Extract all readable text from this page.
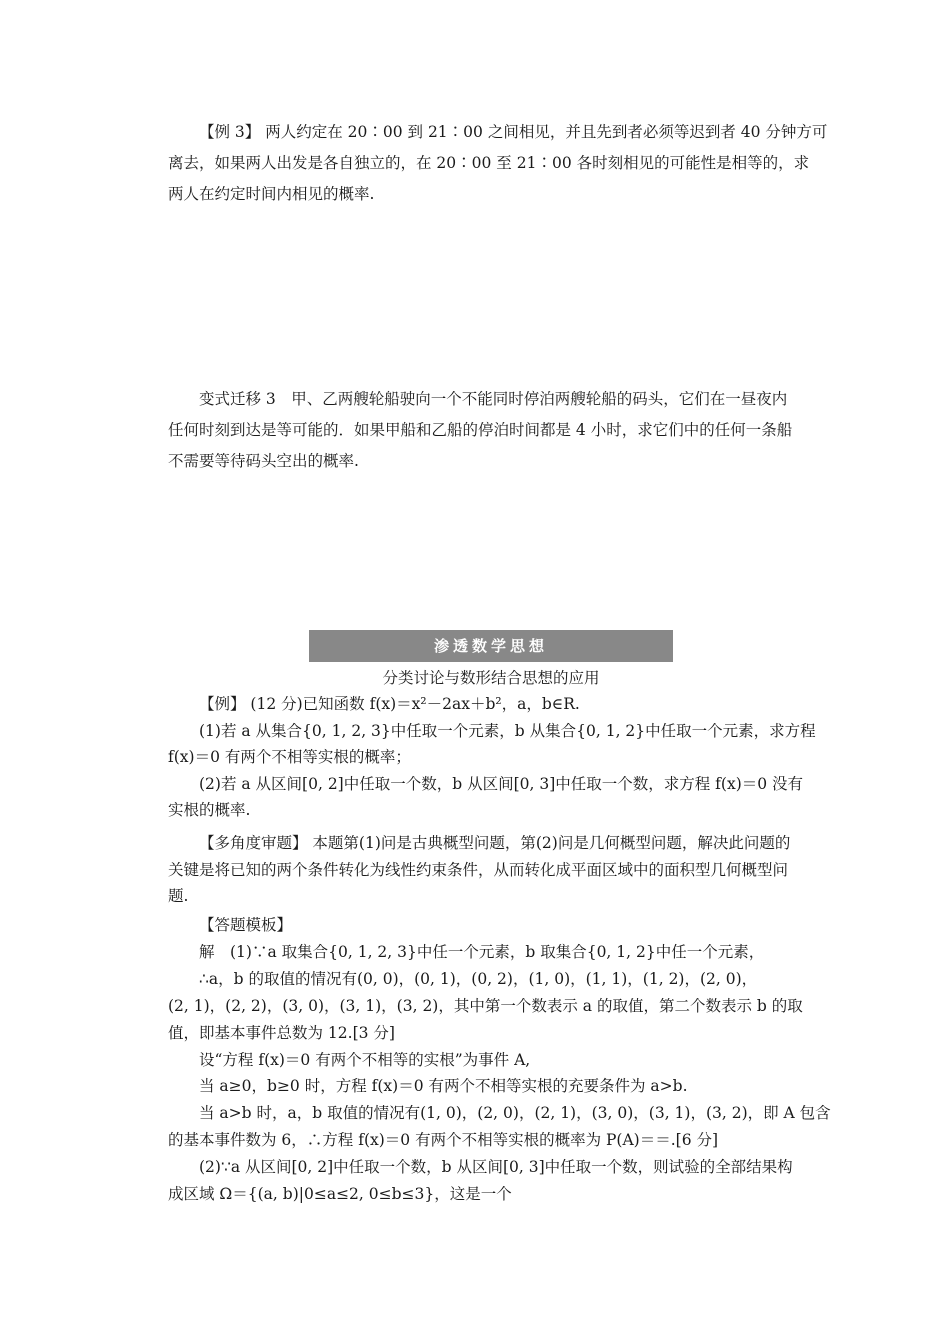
【例 3】 两人约定在 20∶00 到 21∶00 之间相见，并且先到者必须等迟到者 40 分钟方可
离去，如果两人出发是各自独立的，在 20∶00 至 21∶00 各时刻相见的可能性是相等的，求
两人在约定时间内相见的概率.
变式迁移 3　甲、乙两艘轮船驶向一个不能同时停泊两艘轮船的码头，它们在一昼夜内
任何时刻到达是等可能的．如果甲船和乙船的停泊时间都是 4 小时，求它们中的任何一条船
不需要等待码头空出的概率.
渗透数学思想
分类讨论与数形结合思想的应用
【例】 (12 分)已知函数 f(x)＝x²－2ax＋b²，a，b∈R.
(1)若 a 从集合{0, 1, 2, 3}中任取一个元素，b 从集合{0, 1, 2}中任取一个元素，求方程
f(x)＝0 有两个不相等实根的概率；
(2)若 a 从区间[0, 2]中任取一个数，b 从区间[0, 3]中任取一个数，求方程 f(x)＝0 没有
实根的概率.
【多角度审题】 本题第(1)问是古典概型问题，第(2)问是几何概型问题，解决此问题的
关键是将已知的两个条件转化为线性约束条件，从而转化成平面区域中的面积型几何概型问
题.
【答题模板】
解　(1)∵a 取集合{0, 1, 2, 3}中任一个元素，b 取集合{0, 1, 2}中任一个元素，
∴a，b 的取值的情况有(0, 0)，(0, 1)，(0, 2)，(1, 0)，(1, 1)，(1, 2)，(2, 0)，
(2, 1)，(2, 2)，(3, 0)，(3, 1)，(3, 2)，其中第一个数表示 a 的取值，第二个数表示 b 的取
值，即基本事件总数为 12.[3 分]
设“方程 f(x)＝0 有两个不相等的实根”为事件 A,
当 a≥0，b≥0 时，方程 f(x)＝0 有两个不相等实根的充要条件为 a>b.
当 a>b 时，a，b 取值的情况有(1, 0)，(2, 0)，(2, 1)，(3, 0)，(3, 1)，(3, 2)，即 A 包含
的基本事件数为 6，∴方程 f(x)＝0 有两个不相等实根的概率为 P(A)＝＝.[6 分]
(2)∵a 从区间[0, 2]中任取一个数，b 从区间[0, 3]中任取一个数，则试验的全部结果构
成区域 Ω＝{(a, b)|0≤a≤2, 0≤b≤3}，这是一个
